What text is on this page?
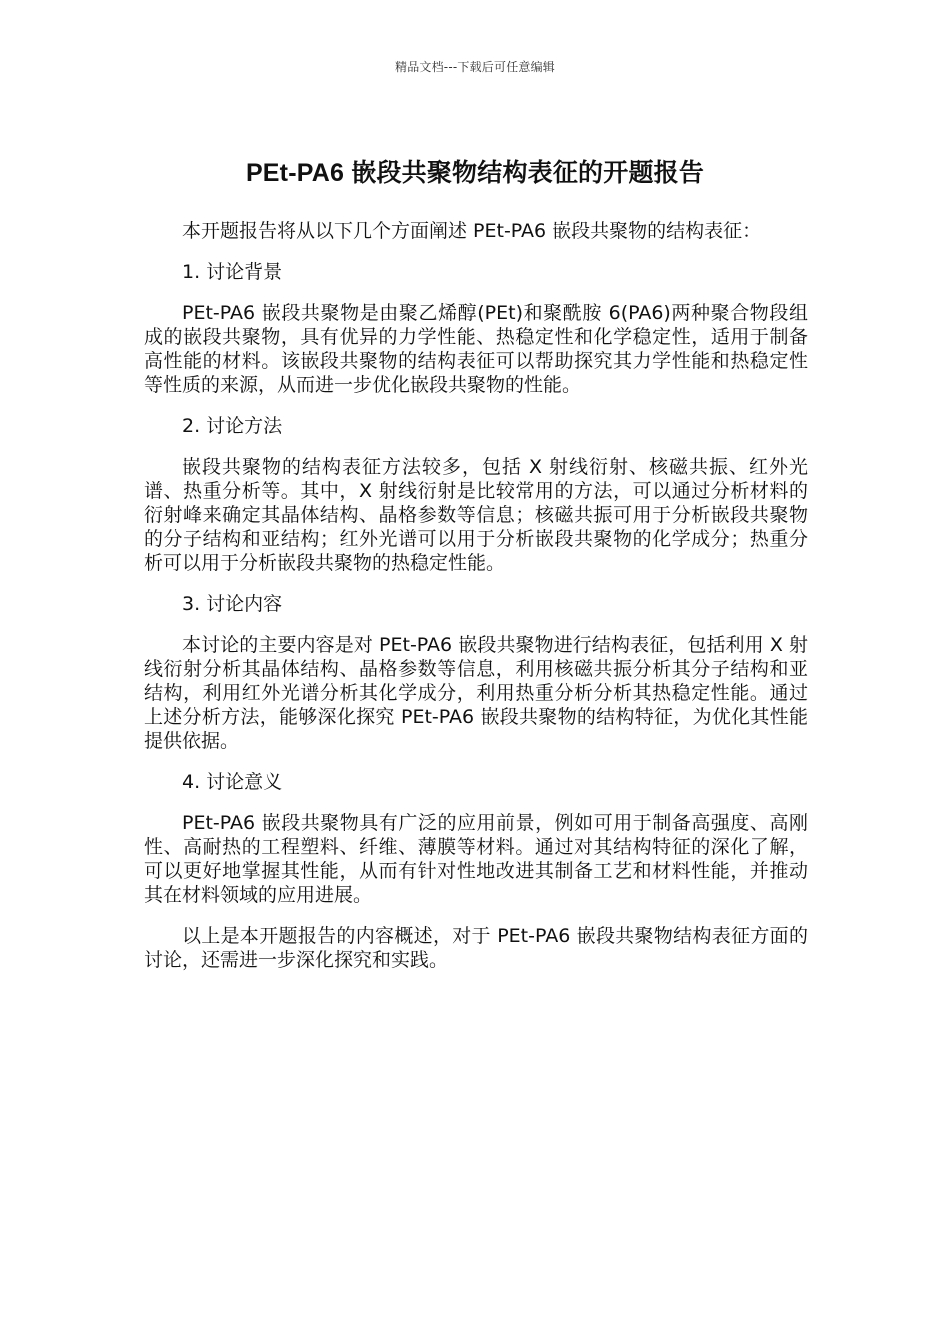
精品文档---下载后可任意编辑
PEt-PA6 嵌段共聚物结构表征的开题报告

本开题报告将从以下几个方面阐述 PEt-PA6 嵌段共聚物的结构表征：

1. 讨论背景

PEt-PA6 嵌段共聚物是由聚乙烯醇(PEt)和聚酰胺 6(PA6)两种聚合物段组成的嵌段共聚物，具有优异的力学性能、热稳定性和化学稳定性，适用于制备高性能的材料。该嵌段共聚物的结构表征可以帮助探究其力学性能和热稳定性等性质的来源，从而进一步优化嵌段共聚物的性能。

2. 讨论方法

嵌段共聚物的结构表征方法较多，包括 X 射线衍射、核磁共振、红外光谱、热重分析等。其中，X 射线衍射是比较常用的方法，可以通过分析材料的衍射峰来确定其晶体结构、晶格参数等信息；核磁共振可用于分析嵌段共聚物的分子结构和亚结构；红外光谱可以用于分析嵌段共聚物的化学成分；热重分析可以用于分析嵌段共聚物的热稳定性能。

3. 讨论内容

本讨论的主要内容是对 PEt-PA6 嵌段共聚物进行结构表征，包括利用 X 射线衍射分析其晶体结构、晶格参数等信息，利用核磁共振分析其分子结构和亚结构，利用红外光谱分析其化学成分，利用热重分析分析其热稳定性能。通过上述分析方法，能够深化探究 PEt-PA6 嵌段共聚物的结构特征，为优化其性能提供依据。

4. 讨论意义

PEt-PA6 嵌段共聚物具有广泛的应用前景，例如可用于制备高强度、高刚性、高耐热的工程塑料、纤维、薄膜等材料。通过对其结构特征的深化了解，可以更好地掌握其性能，从而有针对性地改进其制备工艺和材料性能，并推动其在材料领域的应用进展。

以上是本开题报告的内容概述，对于 PEt-PA6 嵌段共聚物结构表征方面的讨论，还需进一步深化探究和实践。
